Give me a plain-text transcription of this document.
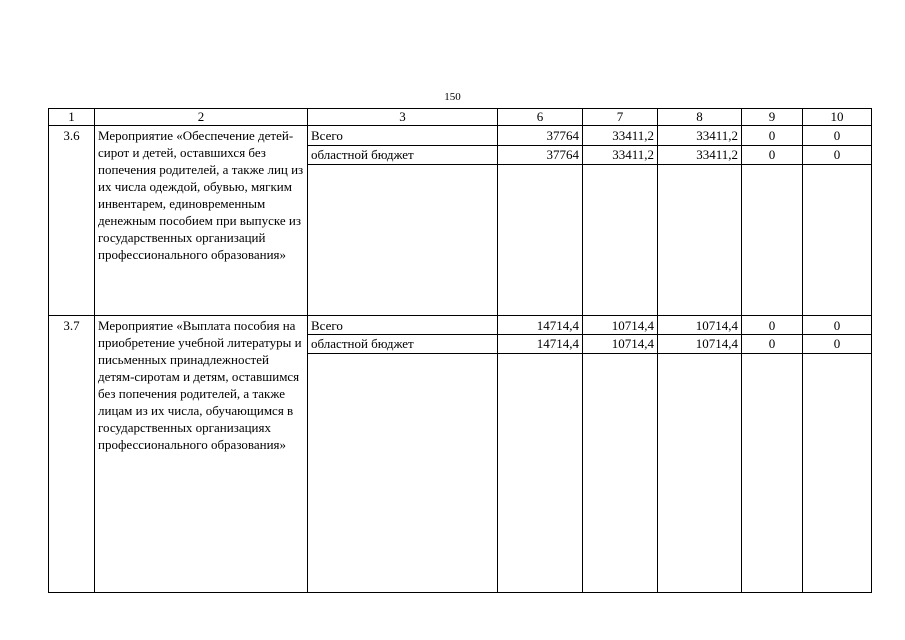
150
1	2	3	6	7	8	9	10
3.6	Мероприятие «Обеспечение детей-сирот и детей, оставшихся без попечения родителей, а также лиц из их числа одеждой, обувью, мягким инвентарем, единовременным денежным пособием при выпуске из государственных организаций профессионального образования»	Всего	37764	33411,2	33411,2	0	0
		областной бюджет	37764	33411,2	33411,2	0	0

3.7	Мероприятие «Выплата пособия на приобретение учебной литературы и письменных принадлежностей детям-сиротам и детям, оставшимся без попечения родителей, а также лицам из их числа, обучающимся в государственных организациях профессионального образования»	Всего	14714,4	10714,4	10714,4	0	0
		областной бюджет	14714,4	10714,4	10714,4	0	0
